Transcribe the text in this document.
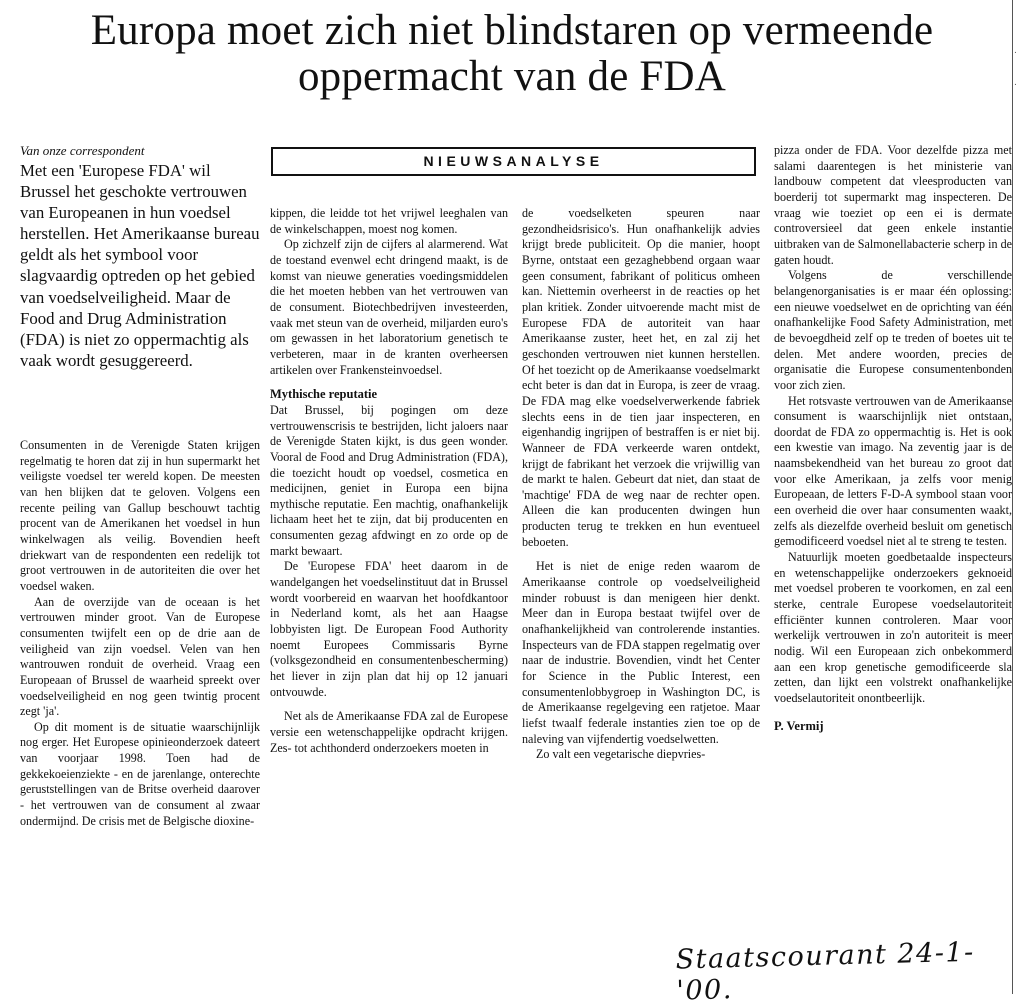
.
.
Europa moet zich niet blindstaren op vermeende oppermacht van de FDA
Van onze correspondent

Met een 'Europese FDA' wil Brussel het geschokte vertrouwen van Europeanen in hun voedsel herstellen. Het Amerikaanse bureau geldt als het symbool voor slagvaardig optreden op het gebied van voedselveiligheid. Maar de Food and Drug Administration (FDA) is niet zo oppermachtig als vaak wordt gesuggereerd.

NIEUWSANALYSE

Consumenten in de Verenigde Staten krijgen regelmatig te horen dat zij in hun supermarkt het veiligste voedsel ter wereld kopen. De meesten van hen blijken dat te geloven. Volgens een recente peiling van Gallup beschouwt tachtig procent van de Amerikanen het voedsel in hun winkelwagen als veilig. Bovendien heeft driekwart van de respondenten een redelijk tot groot vertrouwen in de autoriteiten die over het voedsel waken.

Aan de overzijde van de oceaan is het vertrouwen minder groot. Van de Europese consumenten twijfelt een op de drie aan de veiligheid van zijn voedsel. Velen van hen wantrouwen ronduit de overheid. Vraag een Europeaan of Brussel de waarheid spreekt over voedselveiligheid en nog geen twintig procent zegt 'ja'.

Op dit moment is de situatie waarschijnlijk nog erger. Het Europese opinieonderzoek dateert van voorjaar 1998. Toen had de gekkekoeienziekte - en de jarenlange, onterechte geruststellingen van de Britse overheid daarover - het vertrouwen van de consument al zwaar ondermijnd. De crisis met de Belgische dioxine-

kippen, die leidde tot het vrijwel leeghalen van de winkelschappen, moest nog komen.

Op zichzelf zijn de cijfers al alarmerend. Wat de toestand evenwel echt dringend maakt, is de komst van nieuwe generaties voedingsmiddelen die het moeten hebben van het vertrouwen van de consument. Biotechbedrijven investeerden, vaak met steun van de overheid, miljarden euro's om gewassen in het laboratorium genetisch te verbeteren, maar in de kranten overheersen artikelen over Frankensteinvoedsel.

Mythische reputatie

Dat Brussel, bij pogingen om deze vertrouwenscrisis te bestrijden, licht jaloers naar de Verenigde Staten kijkt, is dus geen wonder. Vooral de Food and Drug Administration (FDA), die toezicht houdt op voedsel, cosmetica en medicijnen, geniet in Europa een bijna mythische reputatie. Een machtig, onafhankelijk lichaam heet het te zijn, dat bij producenten en consumenten gezag afdwingt en zo orde op de markt bewaart.

De 'Europese FDA' heet daarom in de wandelgangen het voedselinstituut dat in Brussel wordt voorbereid en waarvan het hoofdkantoor in Nederland komt, als het aan Haagse lobbyisten ligt. De European Food Authority noemt Europees Commissaris Byrne (volksgezondheid en consumentenbescherming) het liever in zijn plan dat hij op 12 januari ontvouwde.

Net als de Amerikaanse FDA zal de Europese versie een wetenschappelijke opdracht krijgen. Zes- tot achthonderd onderzoekers moeten in

de voedselketen speuren naar gezondheidsrisico's. Hun onafhankelijk advies krijgt brede publiciteit. Op die manier, hoopt Byrne, ontstaat een gezaghebbend orgaan waar geen consument, fabrikant of politicus omheen kan. Niettemin overheerst in de reacties op het plan kritiek. Zonder uitvoerende macht mist de Europese FDA de autoriteit van haar Amerikaanse zuster, heet het, en zal zij het geschonden vertrouwen niet kunnen herstellen. Of het toezicht op de Amerikaanse voedselmarkt echt beter is dan dat in Europa, is zeer de vraag. De FDA mag elke voedselverwerkende fabriek slechts eens in de tien jaar inspecteren, en eigenhandig ingrijpen of bestraffen is er niet bij. Wanneer de FDA verkeerde waren ontdekt, krijgt de fabrikant het verzoek die vrijwillig van de markt te halen. Gebeurt dat niet, dan staat de 'machtige' FDA de weg naar de rechter open. Alleen die kan producenten dwingen hun producten terug te trekken en hun eventueel beboeten.

Het is niet de enige reden waarom de Amerikaanse controle op voedselveiligheid minder robuust is dan menigeen hier denkt. Meer dan in Europa bestaat twijfel over de onafhankelijkheid van controlerende instanties. Inspecteurs van de FDA stappen regelmatig over naar de industrie. Bovendien, vindt het Center for Science in the Public Interest, een consumentenlobbygroep in Washington DC, is de Amerikaanse regelgeving een ratjetoe. Maar liefst twaalf federale instanties zien toe op de naleving van vijfendertig voedselwetten.

Zo valt een vegetarische diepvries-

pizza onder de FDA. Voor dezelfde pizza met salami daarentegen is het ministerie van landbouw competent dat vleesproducten van boerderij tot supermarkt mag inspecteren. De vraag wie toeziet op een ei is dermate controversieel dat geen enkele instantie uitbraken van de Salmonellabacterie scherp in de gaten houdt.

Volgens de verschillende belangenorganisaties is er maar één oplossing: een nieuwe voedselwet en de oprichting van één onafhankelijke Food Safety Administration, met de bevoegdheid zelf op te treden of boetes uit te delen. Met andere woorden, precies de organisatie die Europese consumentenbonden voor zich zien.

Het rotsvaste vertrouwen van de Amerikaanse consument is waarschijnlijk niet ontstaan, doordat de FDA zo oppermachtig is. Het is ook een kwestie van imago. Na zeventig jaar is de naamsbekendheid van het bureau zo groot dat voor elke Amerikaan, ja zelfs voor menig Europeaan, de letters F-D-A symbool staan voor een overheid die over haar consumenten waakt, zelfs als diezelfde overheid besluit om genetisch gemodificeerd voedsel niet al te streng te testen.

Natuurlijk moeten goedbetaalde inspecteurs en wetenschappelijke onderzoekers geknoeid met voedsel proberen te voorkomen, en zal een sterke, centrale Europese voedselautoriteit efficiënter kunnen controleren. Maar voor werkelijk vertrouwen in zo'n autoriteit is meer nodig. Wil een Europeaan zich onbekommerd aan een krop genetische gemodificeerde sla zetten, dan lijkt een volstrekt onafhankelijke voedselautoriteit onontbeerlijk.

P. Vermij
Staatscourant 24-1-'00.
